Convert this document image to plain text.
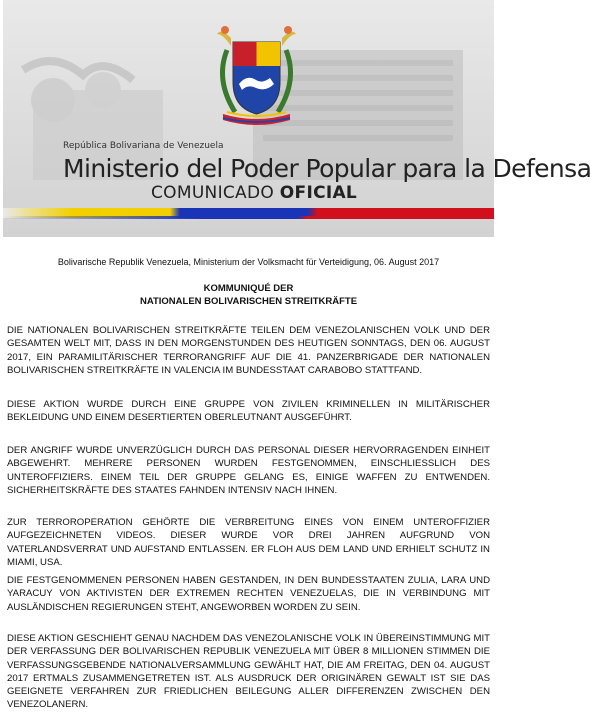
República Bolivariana de Venezuela
Ministerio del Poder Popular para la Defensa
COMUNICADO OFICIAL
Bolivarische Republik Venezuela, Ministerium der Volksmacht für Verteidigung, 06. August 2017
KOMMUNIQUÉ DER
NATIONALEN BOLIVARISCHEN STREITKRÄFTE
DIE NATIONALEN BOLIVARISCHEN STREITKRÄFTE TEILEN DEM VENEZOLANISCHEN VOLK UND DER GESAMTEN WELT MIT, DASS IN DEN MORGENSTUNDEN DES HEUTIGEN SONNTAGS, DEN 06. AUGUST 2017, EIN PARAMILITÄRISCHER TERRORANGRIFF AUF DIE 41. PANZERBRIGADE DER NATIONALEN BOLIVARISCHEN STREITKRÄFTE IN VALENCIA IM BUNDESSTAAT CARABOBO STATTFAND.
DIESE AKTION WURDE DURCH EINE GRUPPE VON ZIVILEN KRIMINELLEN IN MILITÄRISCHER BEKLEIDUNG UND EINEM DESERTIERTEN OBERLEUTNANT AUSGEFÜHRT.
DER ANGRIFF WURDE UNVERZÜGLICH DURCH DAS PERSONAL DIESER HERVORRAGENDEN EINHEIT ABGEWEHRT. MEHRERE PERSONEN WURDEN FESTGENOMMEN, EINSCHLIESSLICH DES UNTEROFFIZIERS. EINEM TEIL DER GRUPPE GELANG ES, EINIGE WAFFEN ZU ENTWENDEN. SICHERHEITSKRÄFTE DES STAATES FAHNDEN INTENSIV NACH IHNEN.
ZUR TERROROPERATION GEHÖRTE DIE VERBREITUNG EINES VON EINEM UNTEROFFIZIER AUFGEZEICHNETEN VIDEOS. DIESER WURDE VOR DREI JAHREN AUFGRUND VON VATERLANDSVERRAT UND AUFSTAND ENTLASSEN. ER FLOH AUS DEM LAND UND ERHIELT SCHUTZ IN MIAMI, USA.
DIE FESTGENOMMENEN PERSONEN HABEN GESTANDEN, IN DEN BUNDESSTAATEN ZULIA, LARA UND YARACUY VON AKTIVISTEN DER EXTREMEN RECHTEN VENEZUELAS, DIE IN VERBINDUNG MIT AUSLÄNDISCHEN REGIERUNGEN STEHT, ANGEWORBEN WORDEN ZU SEIN.
DIESE AKTION GESCHIEHT GENAU NACHDEM DAS VENEZOLANISCHE VOLK IN ÜBEREINSTIMMUNG MIT DER VERFASSUNG DER BOLIVARISCHEN REPUBLIK VENEZUELA MIT ÜBER 8 MILLIONEN STIMMEN DIE VERFASSUNGSGEBENDE NATIONALVERSAMMLUNG GEWÄHLT HAT, DIE AM FREITAG, DEN 04. AUGUST 2017 ERTMALS ZUSAMMENGETRETEN IST. ALS AUSDRUCK DER ORIGINÄREN GEWALT IST SIE DAS GEEIGNETE VERFAHREN ZUR FRIEDLICHEN BEILEGUNG ALLER DIFFERENZEN ZWISCHEN DEN VENEZOLANERN.
